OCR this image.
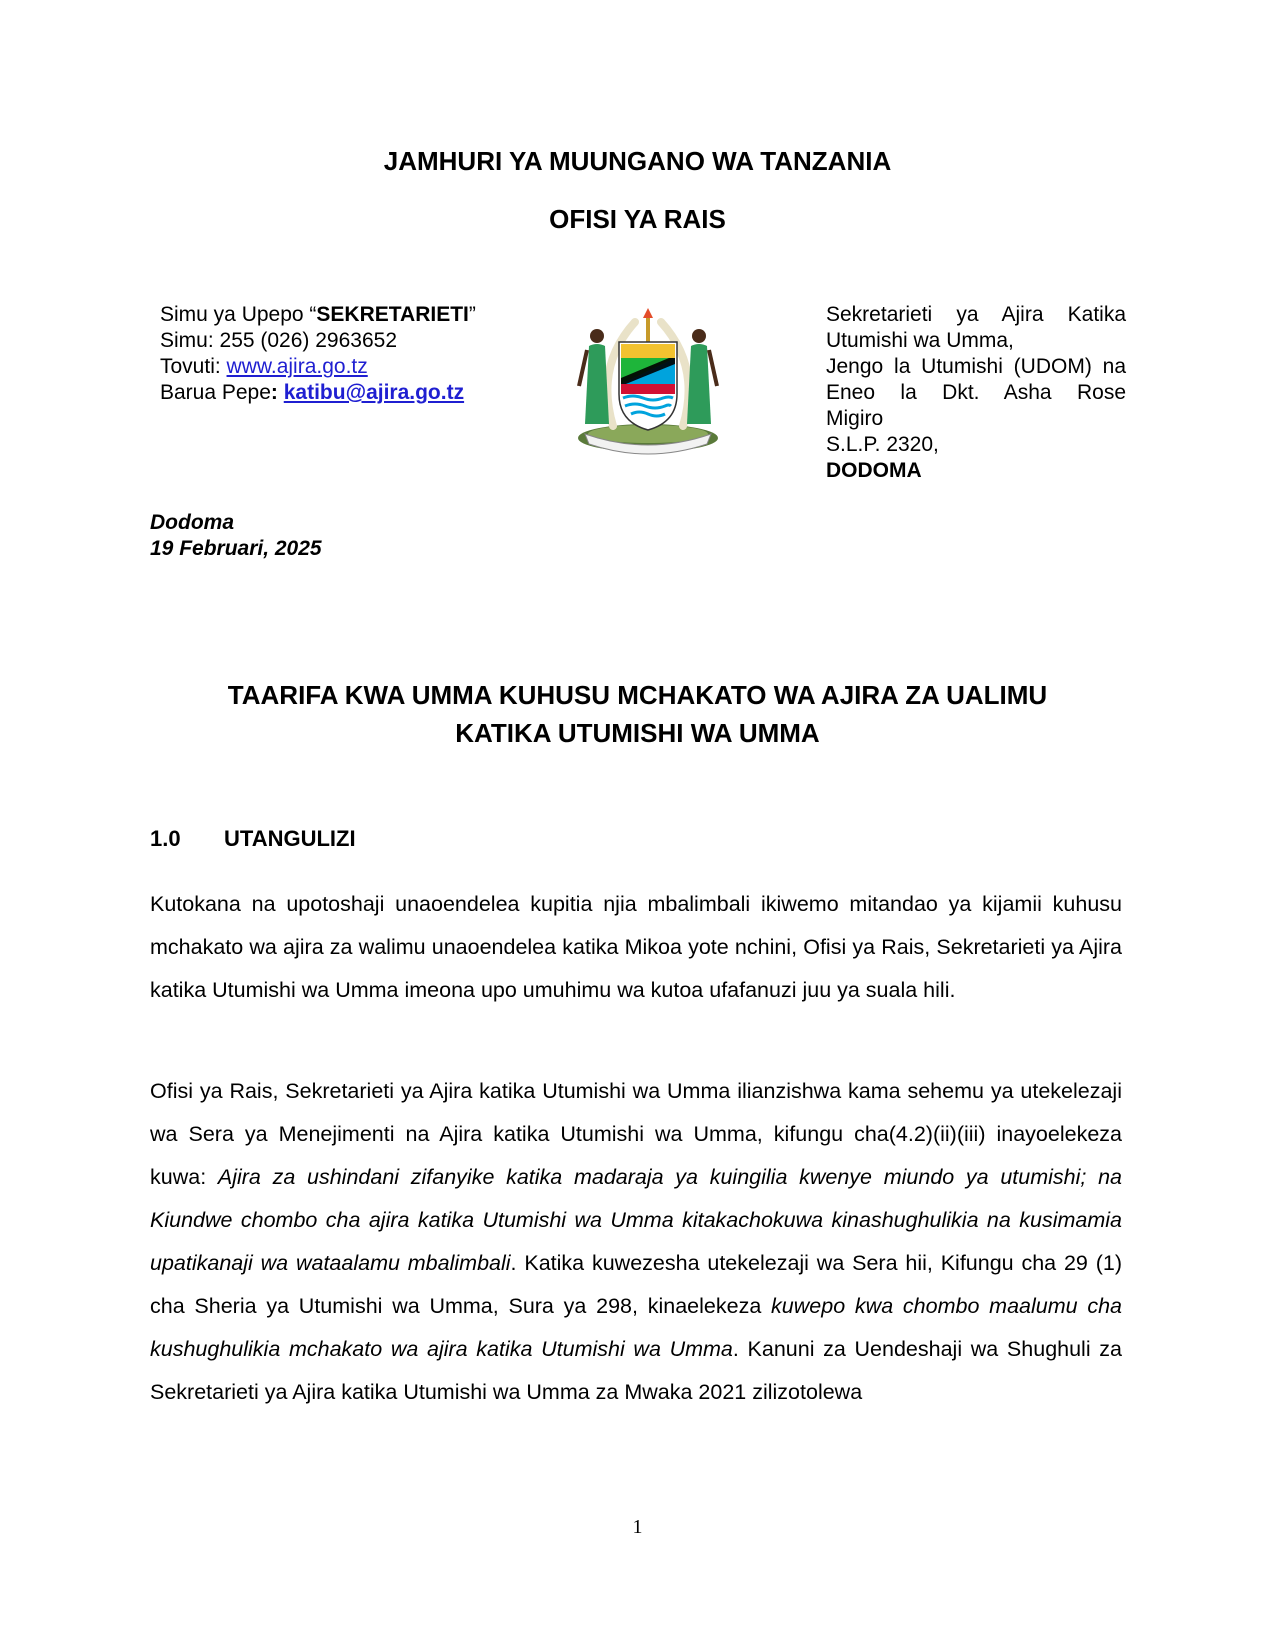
JAMHURI YA MUUNGANO WA TANZANIA
OFISI YA RAIS
Simu ya Upepo “SEKRETARIETI”
Simu: 255 (026) 2963652
Tovuti: www.ajira.go.tz
Barua Pepe: katibu@ajira.go.tz
Sekretarieti ya Ajira Katika
Utumishi wa Umma,
Jengo la Utumishi (UDOM) na
Eneo la Dkt. Asha Rose
Migiro
S.L.P. 2320,
DODOMA
Dodoma
19 Februari, 2025
TAARIFA KWA UMMA KUHUSU MCHAKATO WA AJIRA ZA UALIMU
KATIKA UTUMISHI WA UMMA
1.0 UTANGULIZI
Kutokana na upotoshaji unaoendelea kupitia njia mbalimbali ikiwemo mitandao ya kijamii kuhusu mchakato wa ajira za walimu unaoendelea katika Mikoa yote nchini, Ofisi ya Rais, Sekretarieti ya Ajira katika Utumishi wa Umma imeona upo umuhimu wa kutoa ufafanuzi juu ya suala hili.
Ofisi ya Rais, Sekretarieti ya Ajira katika Utumishi wa Umma ilianzishwa kama sehemu ya utekelezaji wa Sera ya Menejimenti na Ajira katika Utumishi wa Umma, kifungu cha(4.2)(ii)(iii) inayoelekeza kuwa: Ajira za ushindani zifanyike katika madaraja ya kuingilia kwenye miundo ya utumishi; na Kiundwe chombo cha ajira katika Utumishi wa Umma kitakachokuwa kinashughulikia na kusimamia upatikanaji wa wataalamu mbalimbali. Katika kuwezesha utekelezaji wa Sera hii, Kifungu cha 29 (1) cha Sheria ya Utumishi wa Umma, Sura ya 298, kinaelekeza kuwepo kwa chombo maalumu cha kushughulikia mchakato wa ajira katika Utumishi wa Umma. Kanuni za Uendeshaji wa Shughuli za Sekretarieti ya Ajira katika Utumishi wa Umma za Mwaka 2021 zilizotolewa
1
